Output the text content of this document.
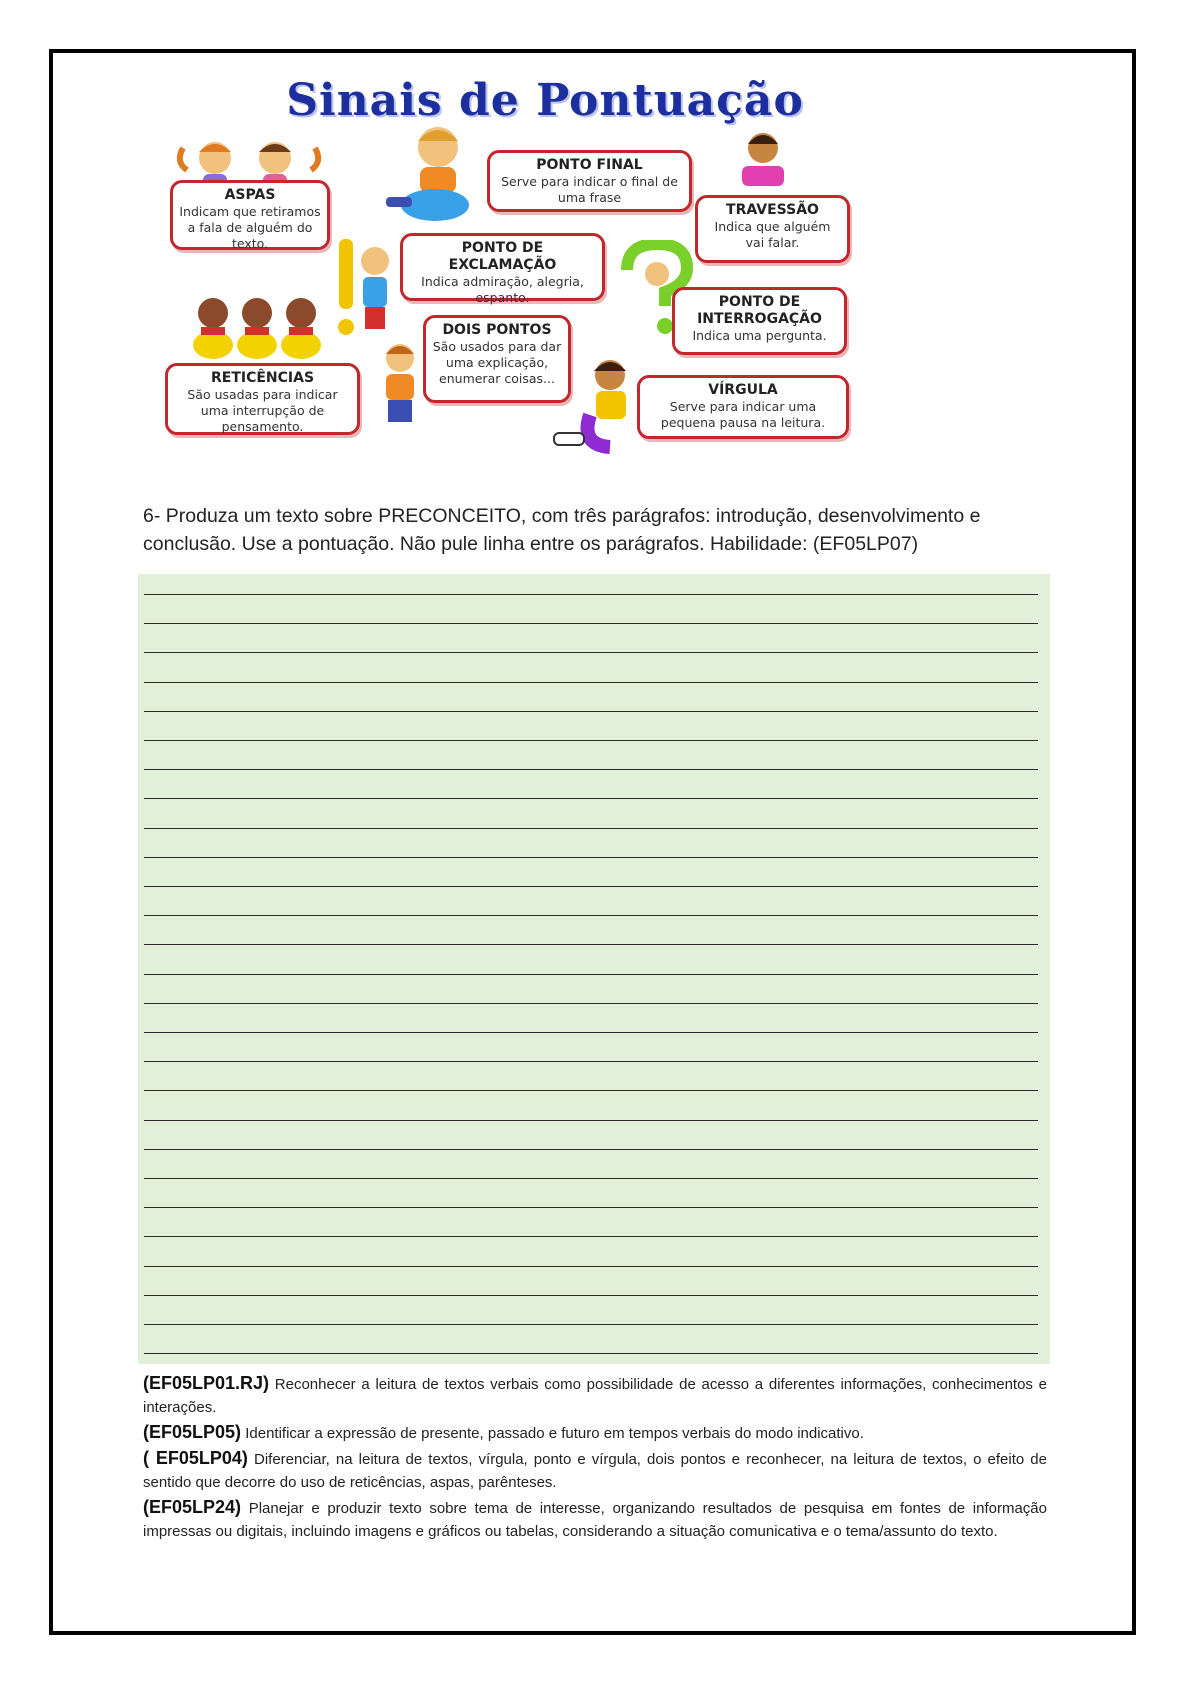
Sinais de Pontuação
ASPAS
Indicam que retiramos a fala de alguém do texto.
PONTO FINAL
Serve para indicar o final de uma frase
TRAVESSÃO
Indica que alguém vai falar.
PONTO DE EXCLAMAÇÃO
Indica admiração, alegria, espanto.	PONTO DE INTERROGAÇÃO
Indica uma pergunta.
DOIS PONTOS
São usados para dar uma explicação, enumerar coisas...
RETICÊNCIAS
São usadas para indicar uma interrupção de pensamento.
VÍRGULA
Serve para indicar uma pequena pausa na leitura.
6- Produza um texto sobre PRECONCEITO, com três parágrafos: introdução, desenvolvimento e conclusão. Use a pontuação. Não pule linha entre os parágrafos. Habilidade: (EF05LP07)

(EF05LP01.RJ) Reconhecer a leitura de textos verbais como possibilidade de acesso a diferentes informações, conhecimentos e interações.

(EF05LP05) Identificar a expressão de presente, passado e futuro em tempos verbais do modo indicativo.

( EF05LP04) Diferenciar, na leitura de textos, vírgula, ponto e vírgula, dois pontos e reconhecer, na leitura de textos, o efeito de sentido que decorre do uso de reticências, aspas, parênteses.

(EF05LP24) Planejar e produzir texto sobre tema de interesse, organizando resultados de pesquisa em fontes de informação impressas ou digitais, incluindo imagens e gráficos ou tabelas, considerando a situação comunicativa e o tema/assunto do texto.
